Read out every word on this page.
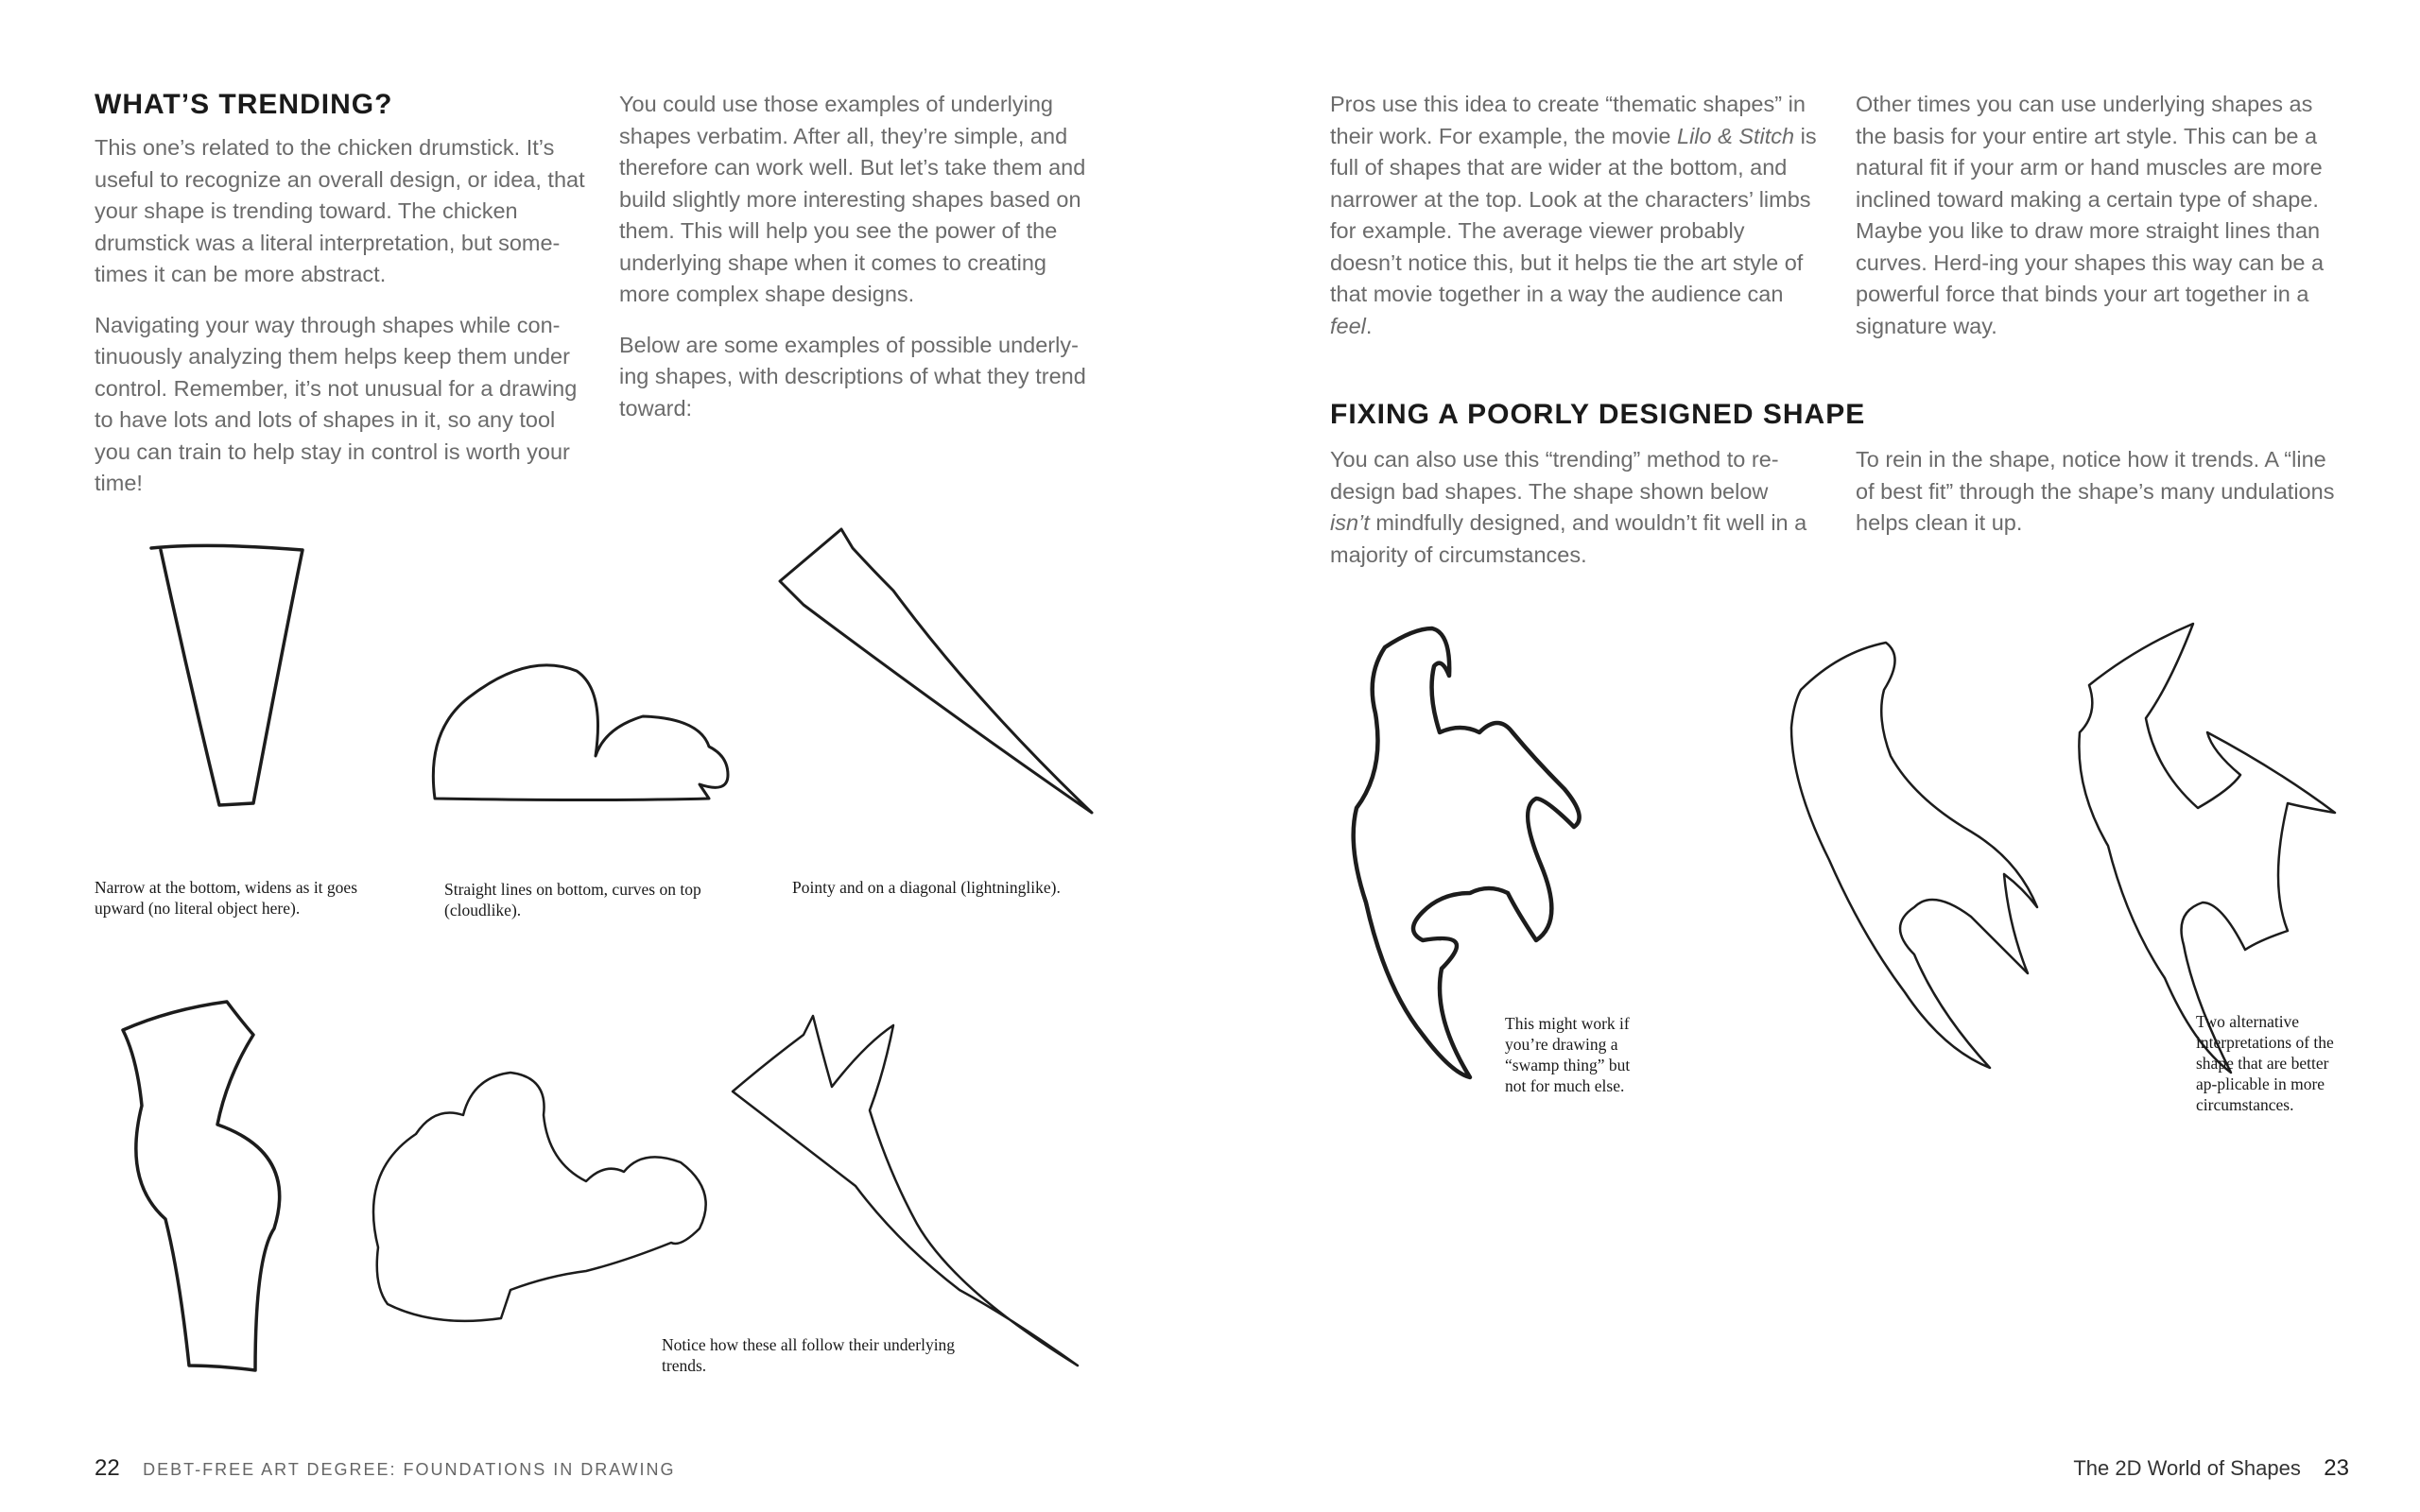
WHAT’S TRENDING?

This one’s related to the chicken drumstick. It’s useful to recognize an overall design, or idea, that your shape is trending toward. The chicken drumstick was a literal interpretation, but some-times it can be more abstract.

Navigating your way through shapes while con-tinuously analyzing them helps keep them under control. Remember, it’s not unusual for a drawing to have lots and lots of shapes in it, so any tool you can train to help stay in control is worth your time!

You could use those examples of underlying shapes verbatim. After all, they’re simple, and therefore can work well. But let’s take them and build slightly more interesting shapes based on them. This will help you see the power of the underlying shape when it comes to creating more complex shape designs.

Below are some examples of possible underly-ing shapes, with descriptions of what they trend toward:

Narrow at the bottom, widens as it goes upward (no literal object here).
Straight lines on bottom, curves on top (cloudlike).
Pointy and on a diagonal (lightninglike).
Notice how these all follow their underlying trends.
22 DEBT-FREE ART DEGREE: FOUNDATIONS IN DRAWING

Pros use this idea to create “thematic shapes” in their work. For example, the movie Lilo & Stitch is full of shapes that are wider at the bottom, and narrower at the top. Look at the characters’ limbs for example. The average viewer probably doesn’t notice this, but it helps tie the art style of that movie together in a way the audience can feel.

Other times you can use underlying shapes as the basis for your entire art style. This can be a natural fit if your arm or hand muscles are more inclined toward making a certain type of shape. Maybe you like to draw more straight lines than curves. Herd-ing your shapes this way can be a powerful force that binds your art together in a signature way.

FIXING A POORLY DESIGNED SHAPE

You can also use this “trending” method to re-design bad shapes. The shape shown below isn’t mindfully designed, and wouldn’t fit well in a majority of circumstances.

To rein in the shape, notice how it trends. A “line of best fit” through the shape’s many undulations helps clean it up.

This might work if you’re drawing a “swamp thing” but not for much else.
Two alternative interpretations of the shape that are better ap-plicable in more circumstances.
The 2D World of Shapes 23
